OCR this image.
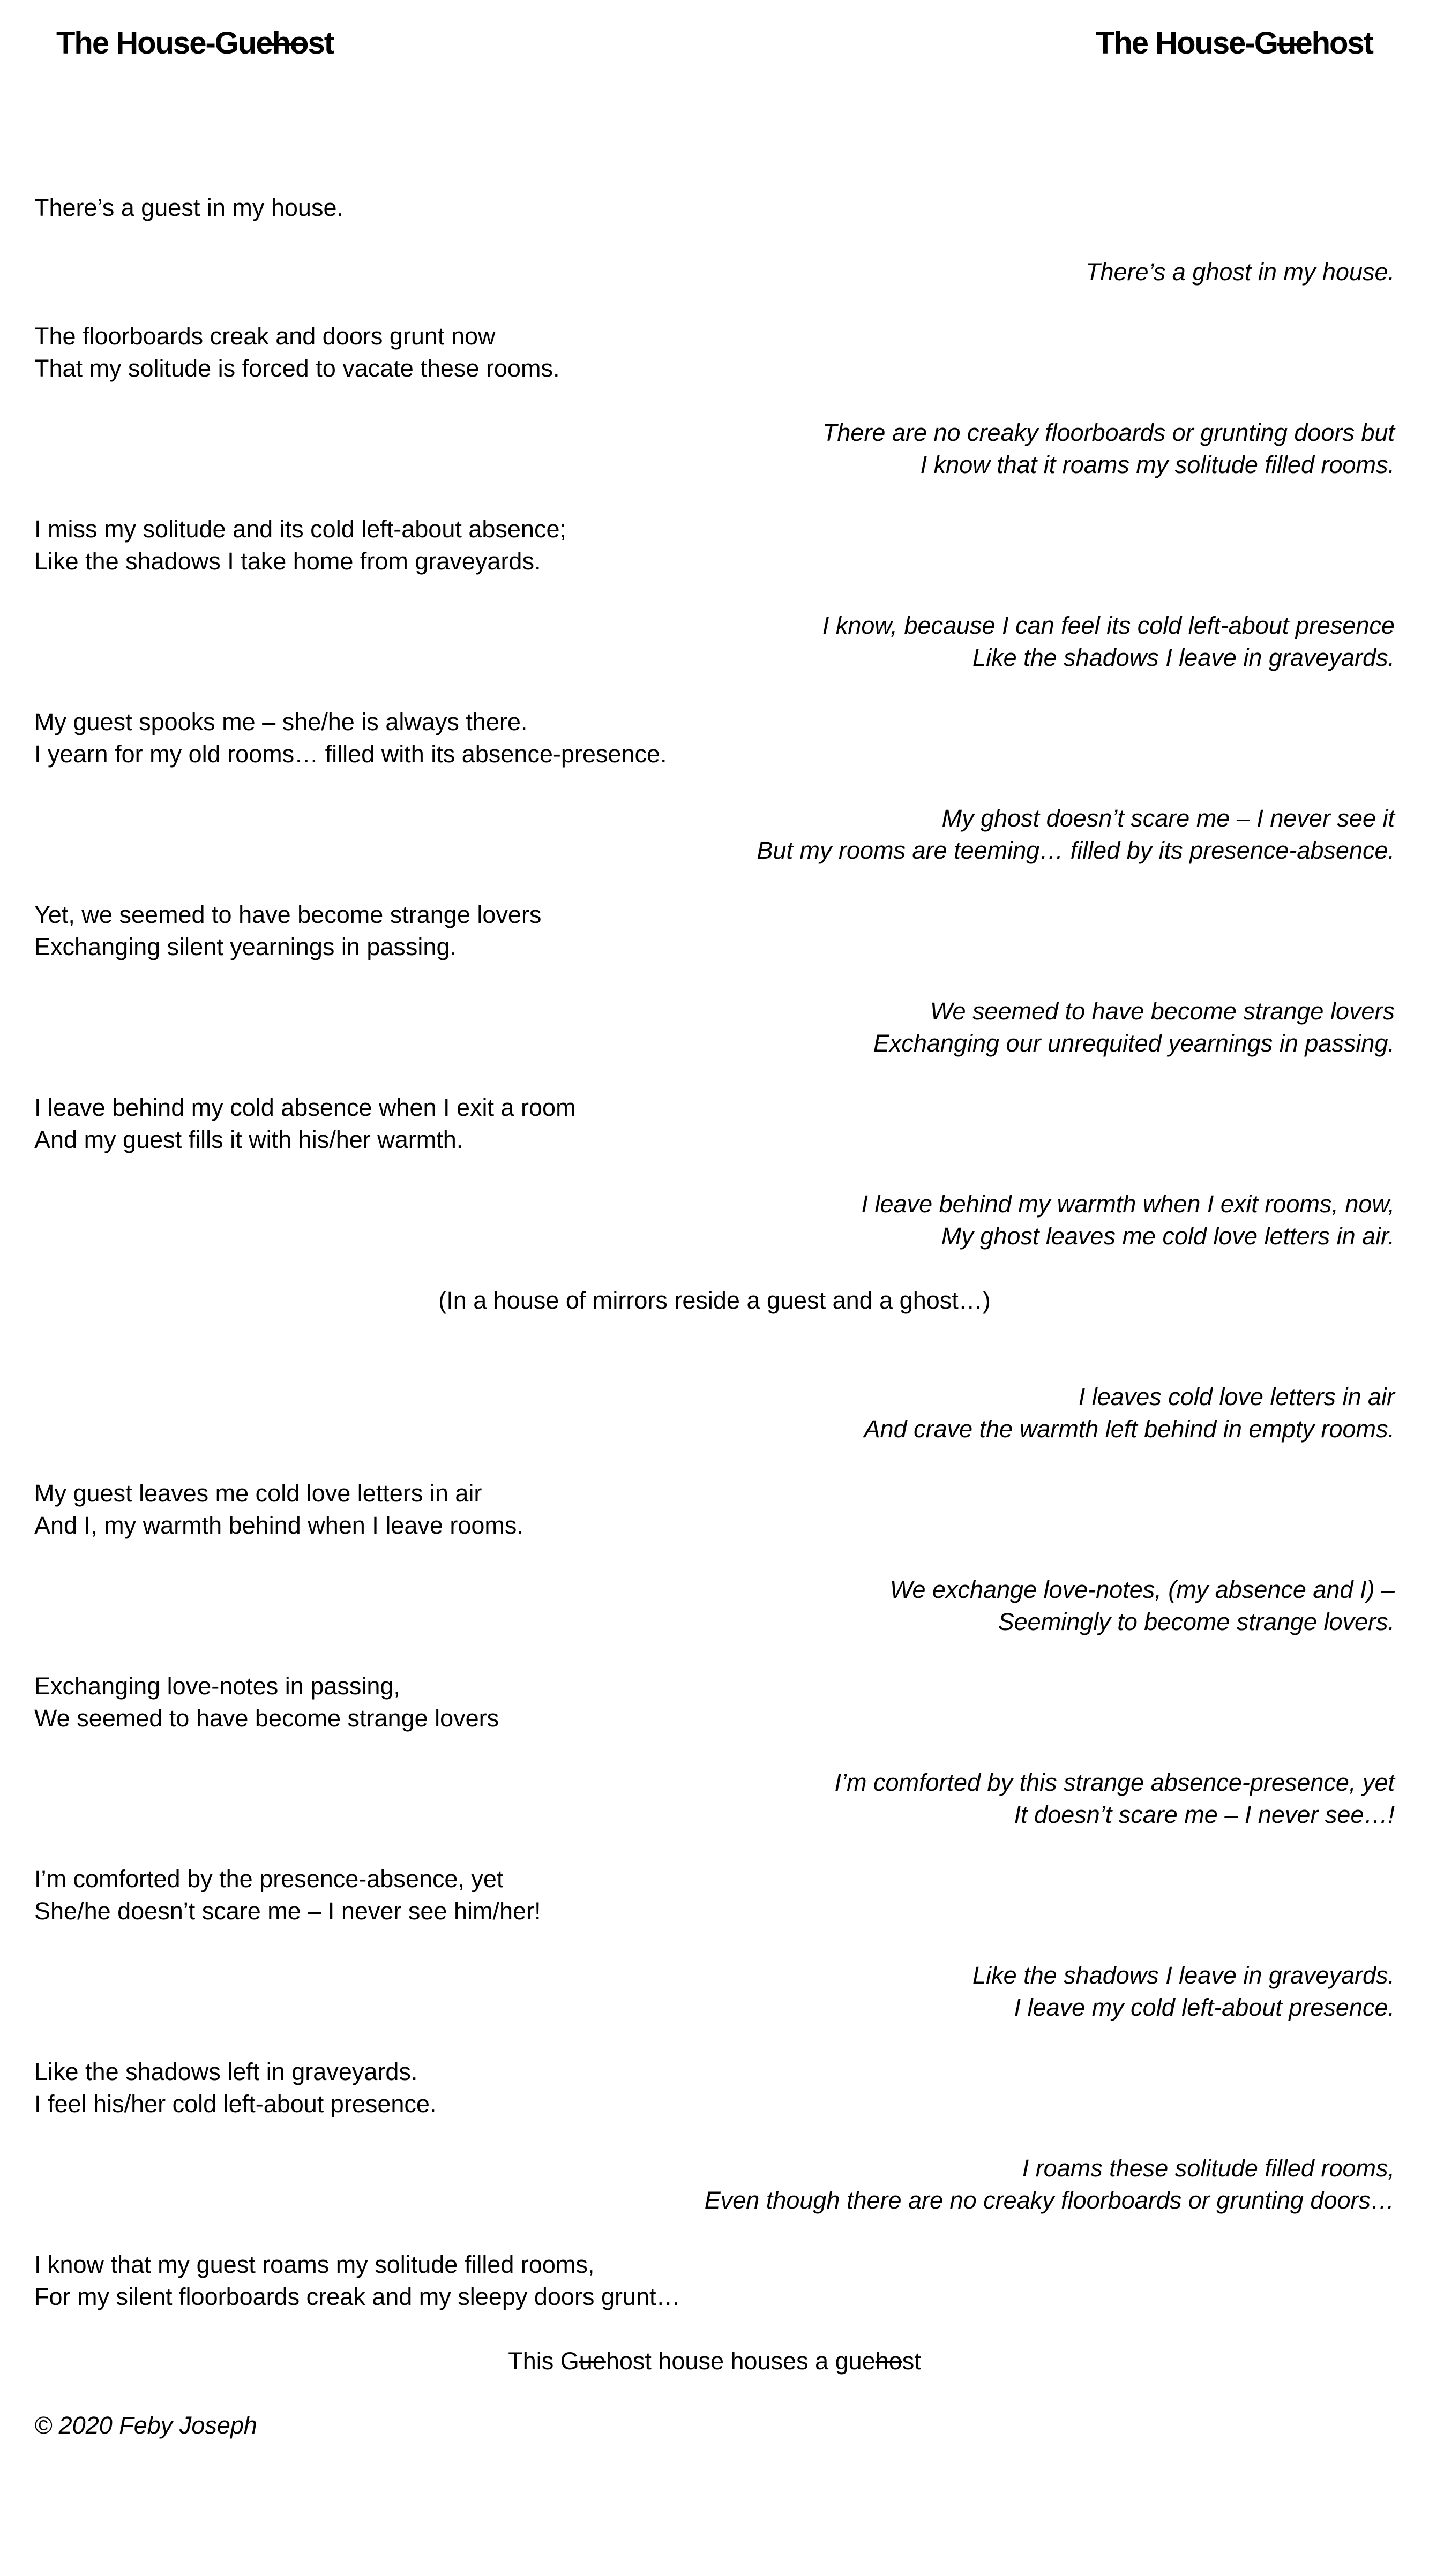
The House-Guehost	The House-Guehost
There’s a guest in my house.
There’s a ghost in my house.
The floorboards creak and doors grunt now
That my solitude is forced to vacate these rooms.
There are no creaky floorboards or grunting doors but
I know that it roams my solitude filled rooms.
I miss my solitude and its cold left-about absence;
Like the shadows I take home from graveyards.
I know, because I can feel its cold left-about presence
Like the shadows I leave in graveyards.
My guest spooks me – she/he is always there.
I yearn for my old rooms… filled with its absence-presence.
My ghost doesn’t scare me – I never see it
But my rooms are teeming… filled by its presence-absence.
Yet, we seemed to have become strange lovers
Exchanging silent yearnings in passing.
We seemed to have become strange lovers
Exchanging our unrequited yearnings in passing.
I leave behind my cold absence when I exit a room
And my guest fills it with his/her warmth.
I leave behind my warmth when I exit rooms, now,
My ghost leaves me cold love letters in air.
(In a house of mirrors reside a guest and a ghost…)
I leaves cold love letters in air
And crave the warmth left behind in empty rooms.
My guest leaves me cold love letters in air
And I, my warmth behind when I leave rooms.
We exchange love-notes, (my absence and I) –
Seemingly to become strange lovers.
Exchanging love-notes in passing,
We seemed to have become strange lovers
I’m comforted by this strange absence-presence, yet
It doesn’t scare me – I never see…!
I’m comforted by the presence-absence, yet
She/he doesn’t scare me – I never see him/her!
Like the shadows I leave in graveyards.
I leave my cold left-about presence.
Like the shadows left in graveyards.
I feel his/her cold left-about presence.
I roams these solitude filled rooms,
Even though there are no creaky floorboards or grunting doors…
I know that my guest roams my solitude filled rooms,
For my silent floorboards creak and my sleepy doors grunt…
This Guehost house houses a guehost
© 2020 Feby Joseph
